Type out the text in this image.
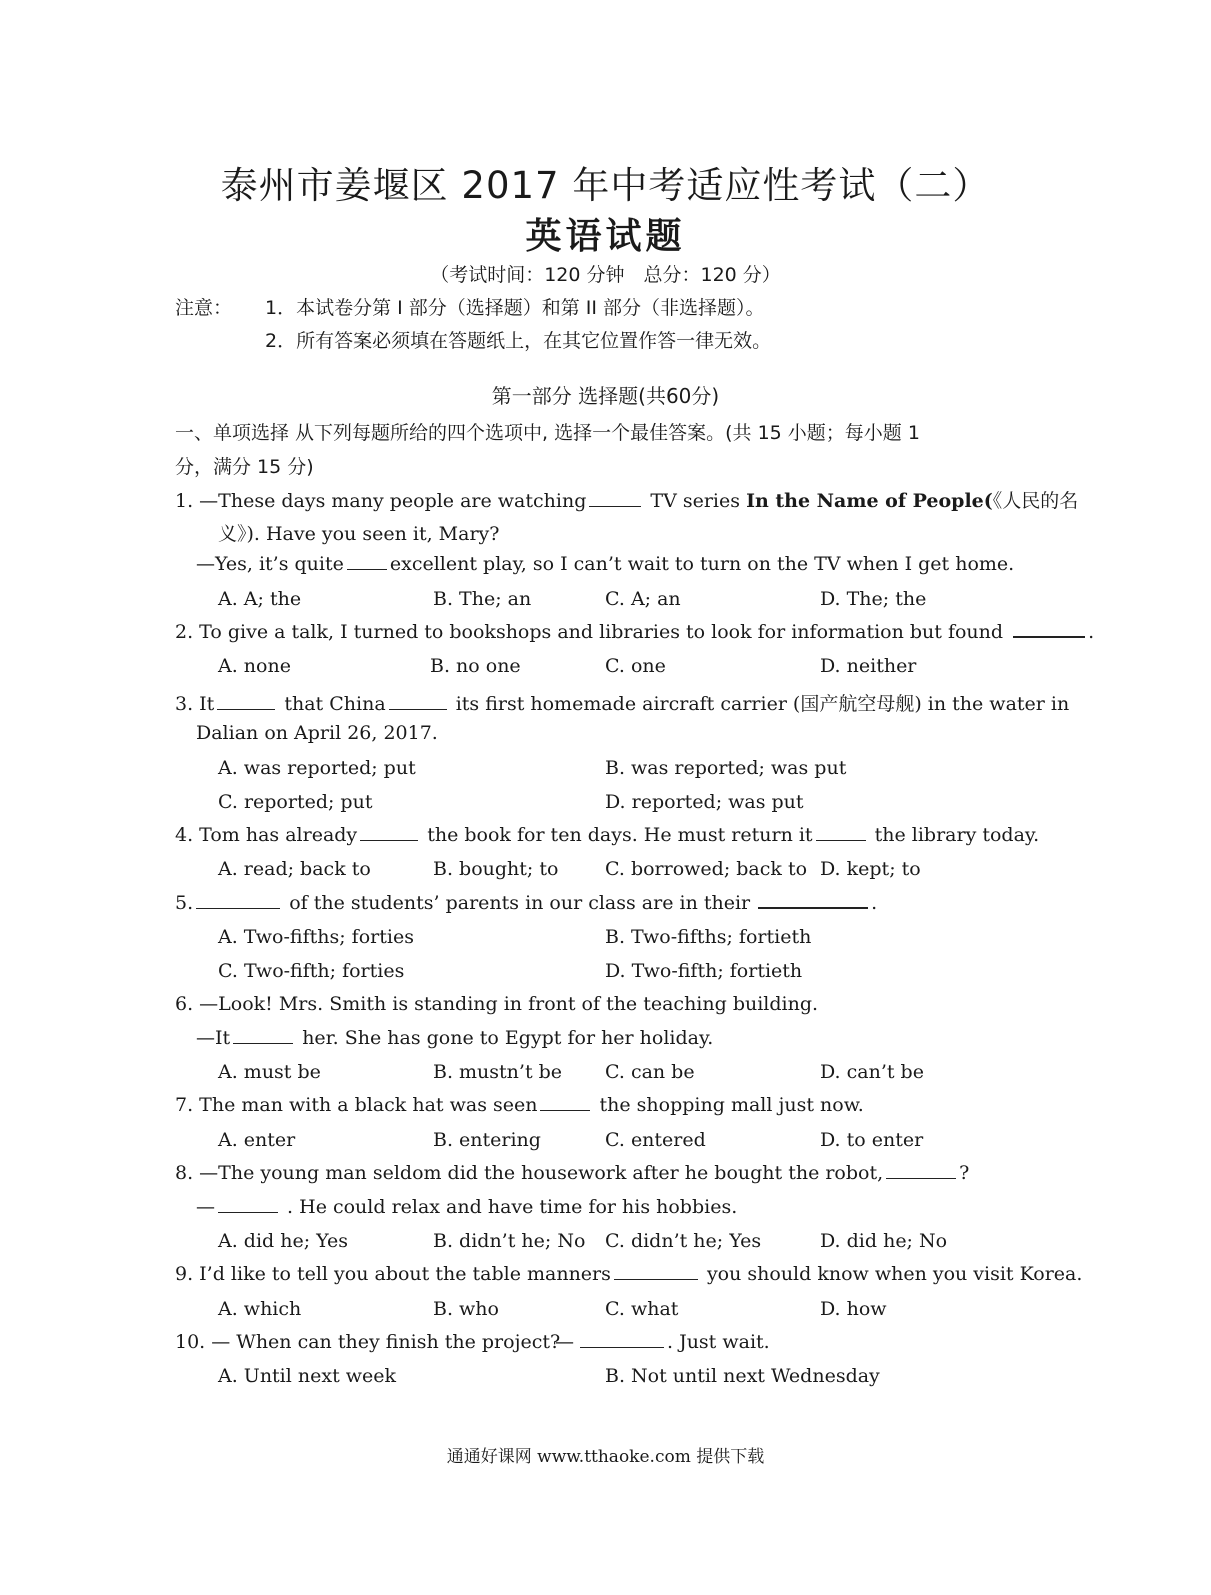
泰州市姜堰区 2017 年中考适应性考试（二）
英语试题
（考试时间：120 分钟　总分：120 分）
注意： 1．本试卷分第 I 部分（选择题）和第 II 部分（非选择题）。
2．所有答案必须填在答题纸上，在其它位置作答一律无效。
第一部分 选择题(共60分)
一、单项选择 从下列每题所给的四个选项中, 选择一个最佳答案。(共 15 小题；每小题 1
分，满分 15 分)
1. —These days many people are watching	TV series In the Name of People(《人民的名
义》). Have you seen it, Mary?
—Yes, it’s quite excellent play, so I can’t wait to turn on the TV when I get home.
A. A; the	B. The; an	C. A; an	D. The; the
2. To give a talk, I turned to bookshops and libraries to look for information but found	.
A. none	B. no one	C. one	D. neither
3. It	that China	its first homemade aircraft carrier (国产航空母舰) in the water in
Dalian on April 26, 2017.
A. was reported; put	B. was reported; was put
C. reported; put	D. reported; was put
4. Tom has already	the book for ten days. He must return it	the library today.
A. read; back to	B. bought; to C. borrowed; back to D. kept; to
5.	of the students’ parents in our class are in their	.
A. Two-fifths; forties	B. Two-fifths; fortieth
C. Two-fifth; forties	D. Two-fifth; fortieth
6. —Look! Mrs. Smith is standing in front of the teaching building.
—It	her. She has gone to Egypt for her holiday.
A. must be	B. mustn’t be C. can be	D. can’t be
7. The man with a black hat was seen	the shopping mall just now.
A. enter	B. entering	C. entered	D. to enter
8. —The young man seldom did the housework after he bought the robot,	?
—	. He could relax and have time for his hobbies.
A. did he; Yes	B. didn’t he; No C. didn’t he; Yes	D. did he; No
9. I’d like to tell you about the table manners	you should know when you visit Korea.
A. which	B. who	C. what	D. how
10. — When can they finish the project?
—	. Just wait.
A. Until next week	B. Not until next Wednesday
通通好课网 www.tthaoke.com 提供下载
